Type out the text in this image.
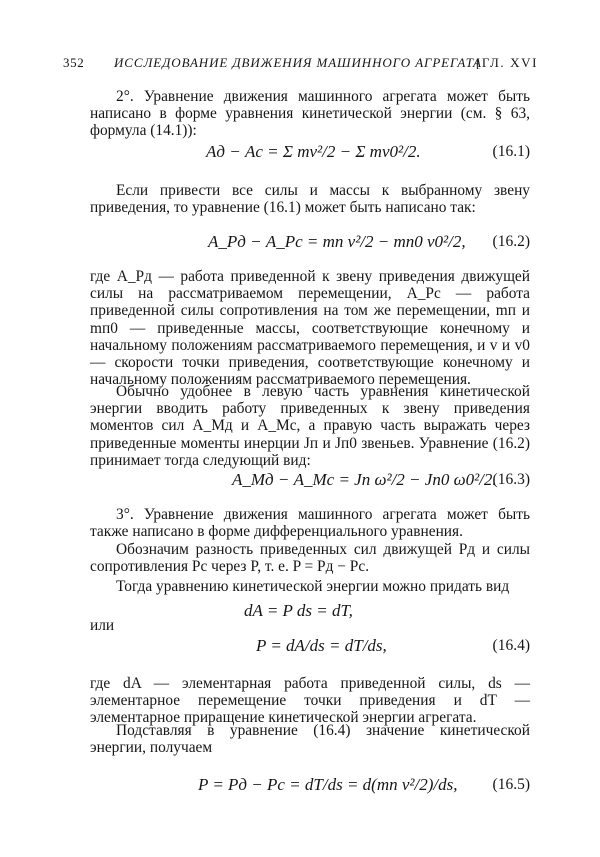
352 ИССЛЕДОВАНИЕ ДВИЖЕНИЯ МАШИННОГО АГРЕГАТА
[ГЛ. XVI

2°. Уравнение движения машинного агрегата может быть написано в форме уравнения кинетической энергии (см. § 63, формула (14.1)):

Aд − Aс = Σ mv²/2 − Σ mv0²/2.	(16.1)

Если привести все силы и массы к выбранному звену приведения, то уравнение (16.1) может быть написано так:

A_Pд − A_Pс = mп v²/2 − mп0 v0²/2, (16.2)

где A_Pд — работа приведенной к звену приведения движущей силы на рассматриваемом перемещении, A_Pс — работа приведенной силы сопротивления на том же перемещении, mп и mп0 — приведенные массы, соответствующие конечному и начальному положениям рассматриваемого перемещения, и v и v0 — скорости точки приведения, соответствующие конечному и начальному положениям рассматриваемого перемещения.

Обычно удобнее в левую часть уравнения кинетической энергии вводить работу приведенных к звену приведения моментов сил A_Mд и A_Mс, а правую часть выражать через приведенные моменты инерции Jп и Jп0 звеньев. Уравнение (16.2) принимает тогда следующий вид:

A_Mд − A_Mс = Jп ω²/2 − Jп0 ω0²/2.
(16.3)

3°. Уравнение движения машинного агрегата может быть также написано в форме дифференциального уравнения.

Обозначим разность приведенных сил движущей Pд и силы сопротивления Pс через P, т. е. P = Pд − Pс.

Тогда уравнению кинетической энергии можно придать вид

dA = P ds = dT,

или

P = dA/ds = dT/ds,	(16.4)

где dA — элементарная работа приведенной силы, ds — элементарное перемещение точки приведения и dT — элементарное приращение кинетической энергии агрегата.

Подставляя в уравнение (16.4) значение кинетической энергии, получаем

P = Pд − Pс = dT/ds = d(mп v²/2)/ds, (16.5)
